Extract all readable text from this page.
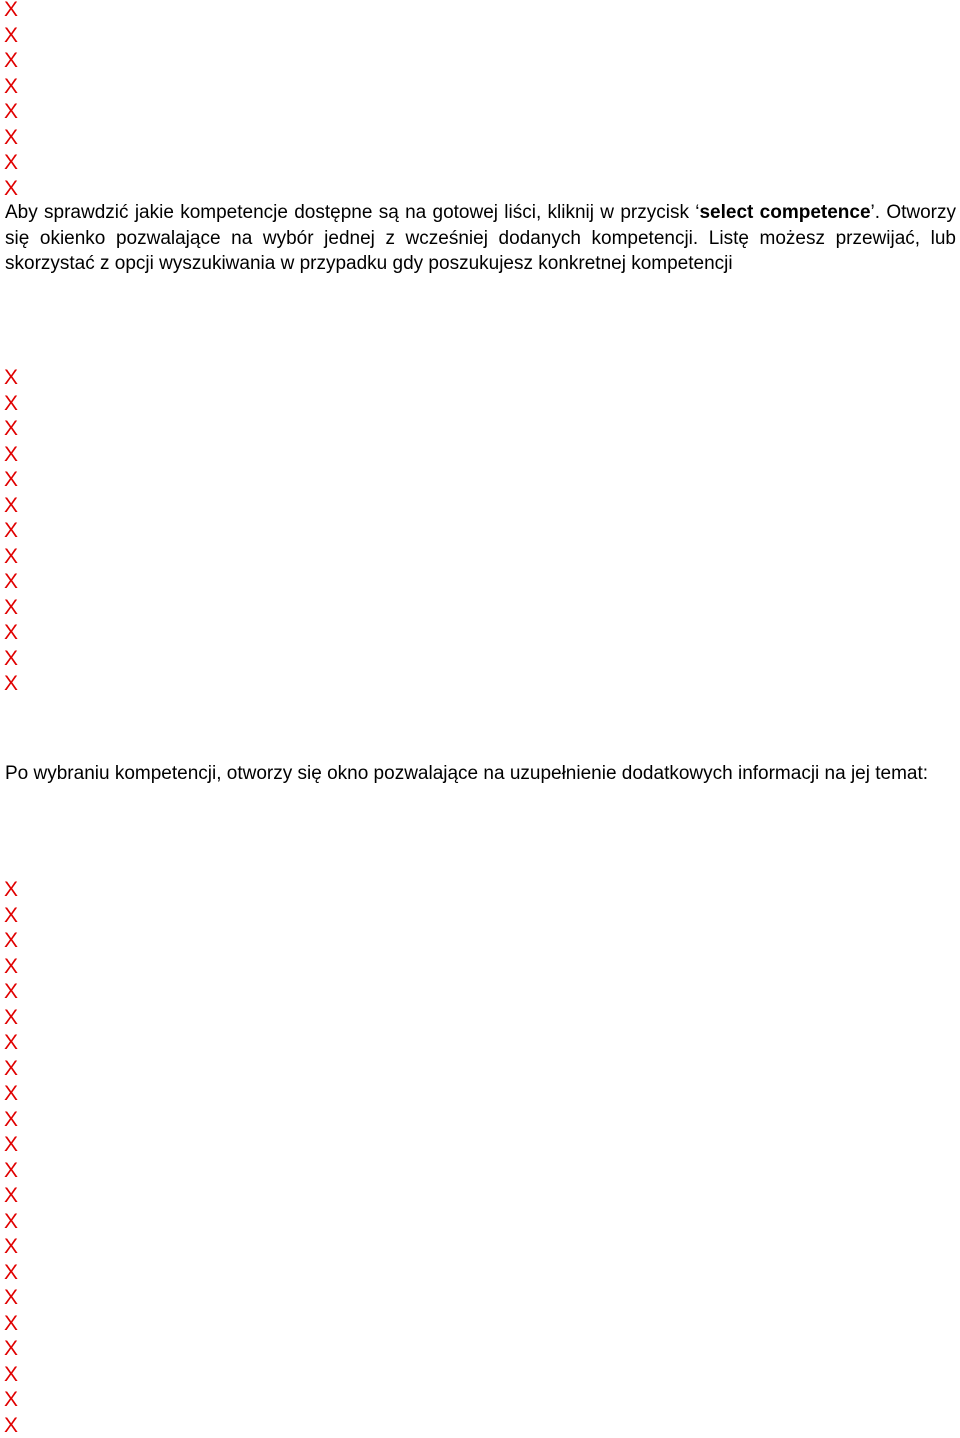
X
X
X
X
X
X
X
X

Aby sprawdzić jakie kompetencje dostępne są na gotowej liści, kliknij w przycisk ‘select competence’. Otworzy się okienko pozwalające na wybór jednej z wcześniej dodanych kompetencji. Listę możesz przewijać, lub skorzystać z opcji wyszukiwania w przypadku gdy poszukujesz konkretnej kompetencji

X
X
X
X
X
X
X
X
X
X
X
X
X

Po wybraniu kompetencji, otworzy się okno pozwalające na uzupełnienie dodatkowych informacji na jej temat:

X
X
X
X
X
X
X
X
X
X
X
X
X
X
X
X
X
X
X
X
X
X
